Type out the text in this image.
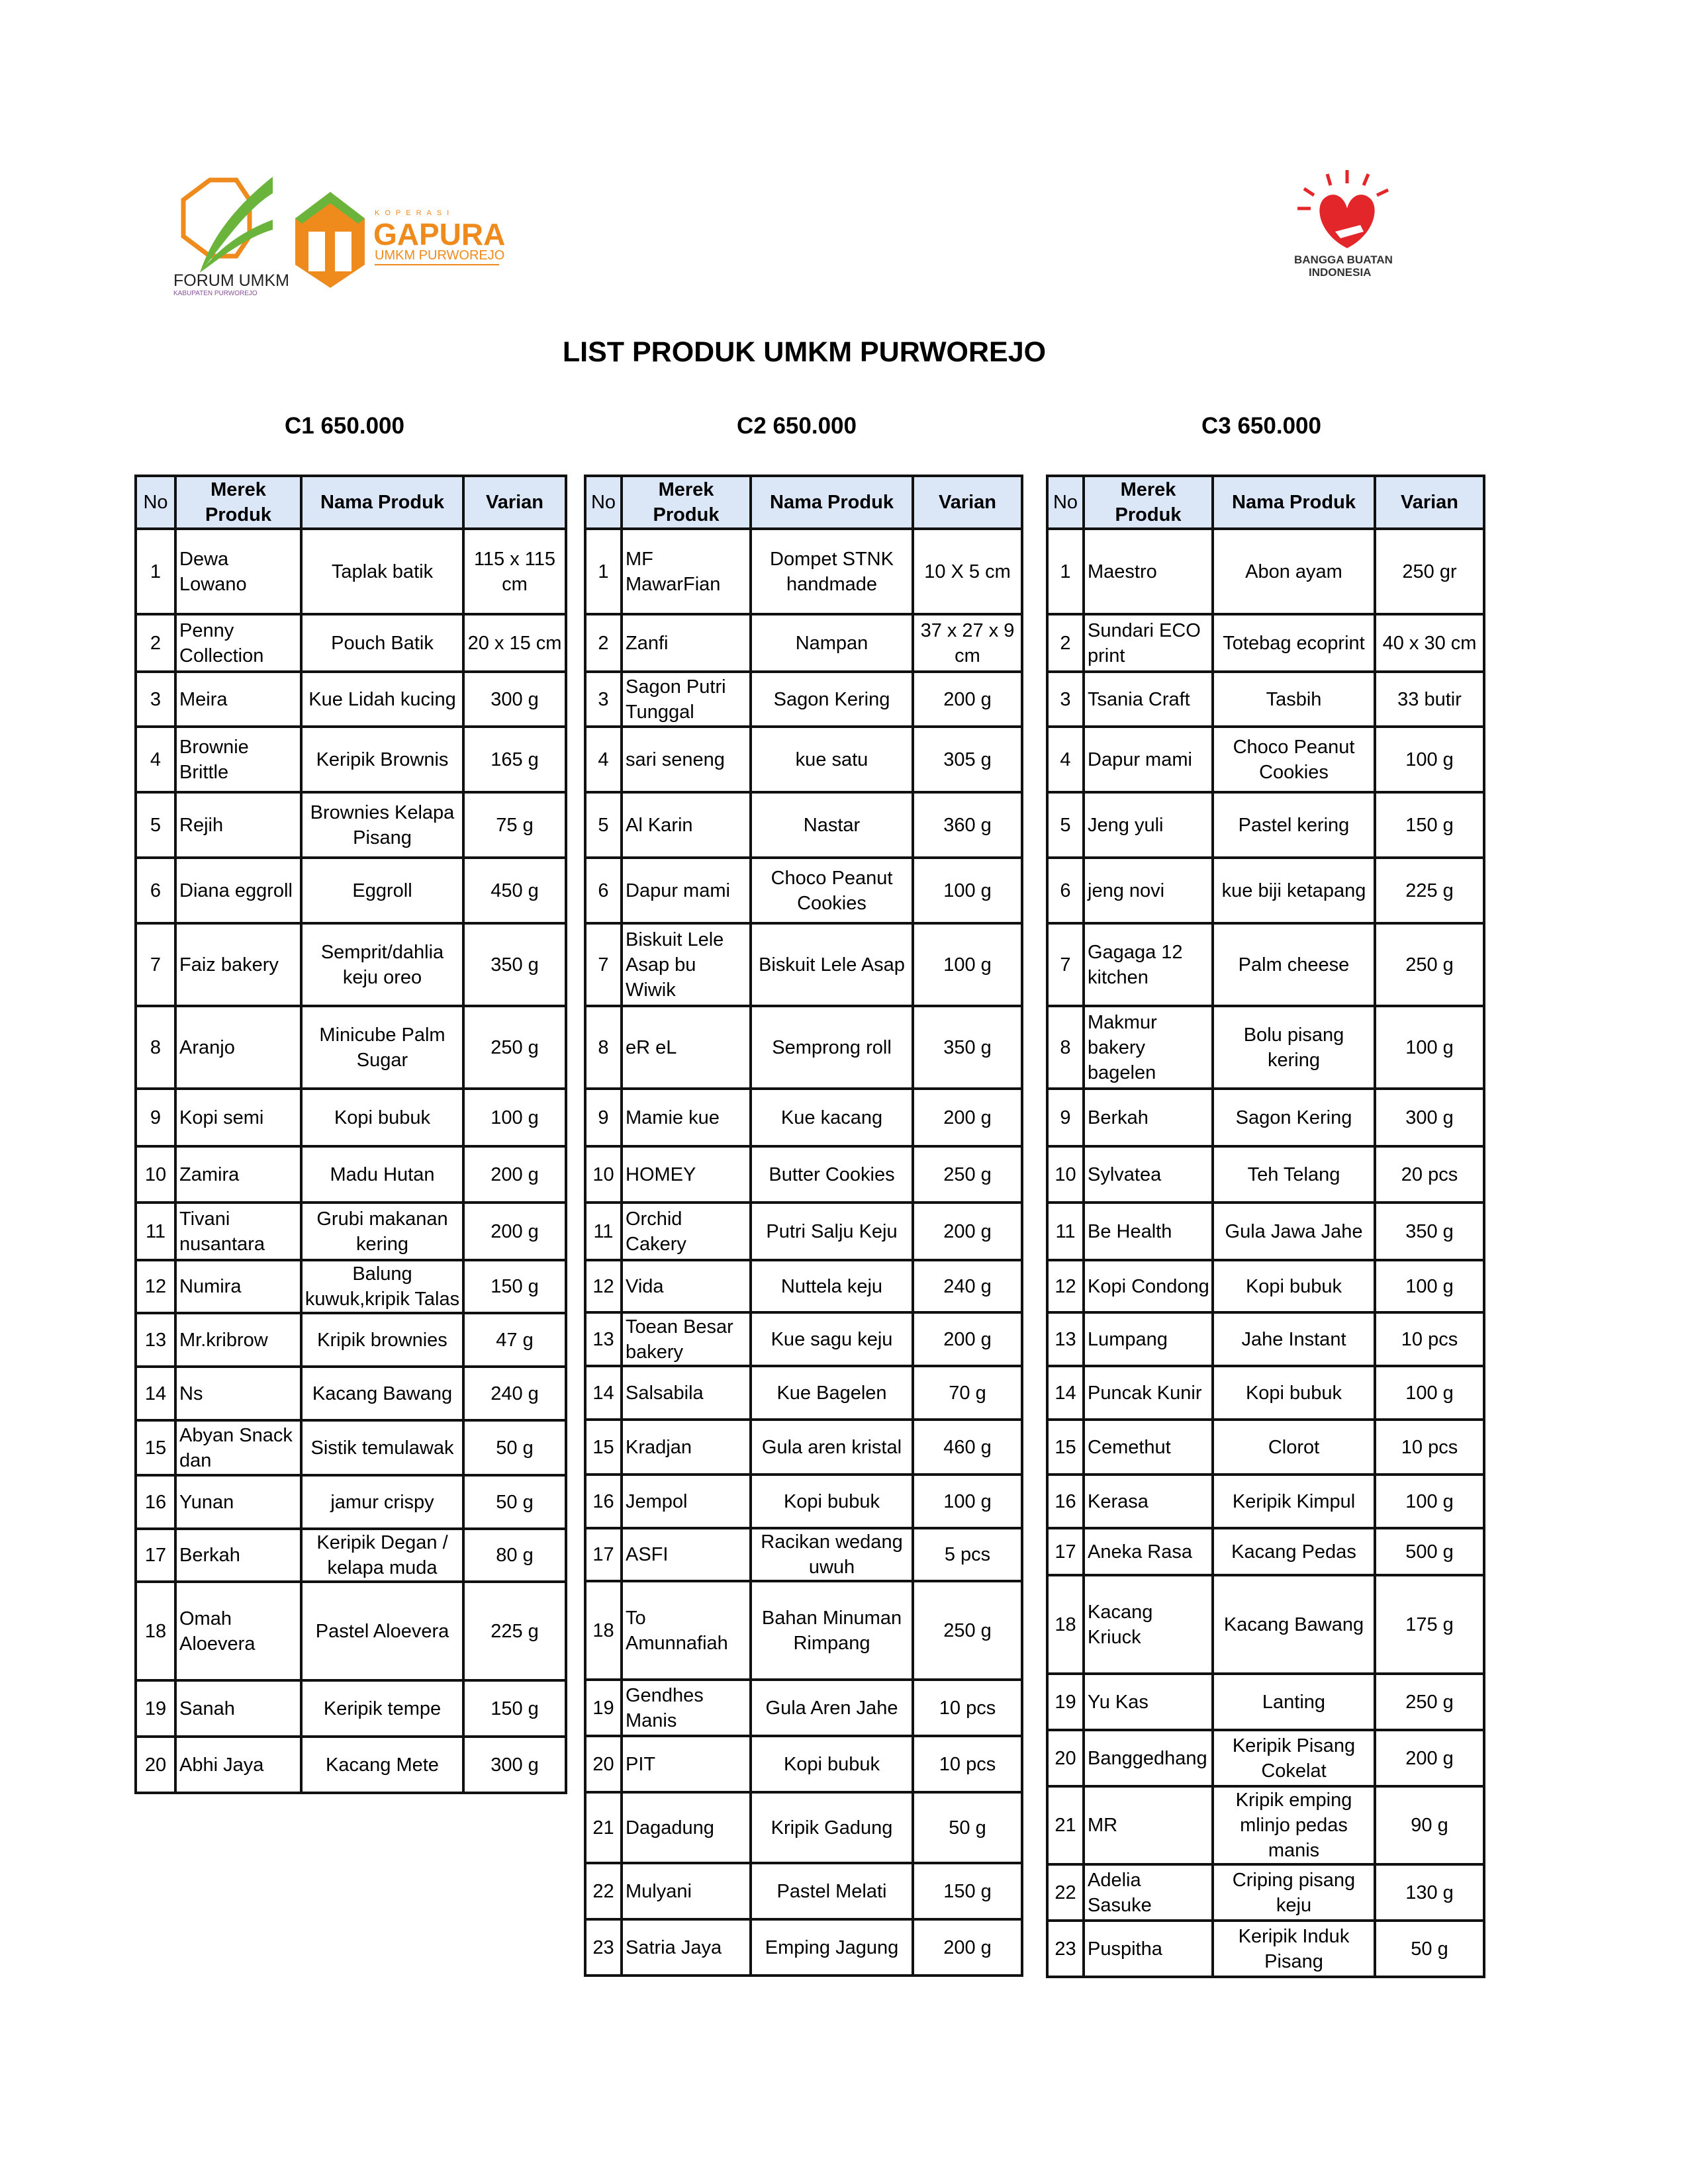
FORUM UMKM
KABUPATEN PURWOREJO
KOPERASI
GAPURA
UMKM PURWOREJO	BANGGA BUATAN
INDONESIA
LIST PRODUK UMKM PURWOREJO
C1 650.000	C2 650.000	C3 650.000
No	Merek Produk	Nama Produk	Varian
1	Dewa Lowano	Taplak batik	115 x 115 cm
2	Penny Collection	Pouch Batik	20 x 15 cm
3	Meira	Kue Lidah kucing	300 g
4	Brownie Brittle	Keripik Brownis	165 g
5	Rejih	Brownies Kelapa Pisang	75 g
6	Diana eggroll	Eggroll	450 g
7	Faiz bakery	Semprit/dahlia keju oreo	350 g
8	Aranjo	Minicube Palm Sugar	250 g
9	Kopi semi	Kopi bubuk	100 g
10	Zamira	Madu Hutan	200 g
11	Tivani nusantara	Grubi makanan kering	200 g
12	Numira	Balung kuwuk,kripik Talas	150 g
13	Mr.kribrow	Kripik brownies	47 g
14	Ns	Kacang Bawang	240 g
15	Abyan Snack dan	Sistik temulawak	50 g
16	Yunan	jamur crispy	50 g
17	Berkah	Keripik Degan / kelapa muda	80 g
18	Omah Aloevera	Pastel Aloevera	225 g
19	Sanah	Keripik tempe	150 g
20	Abhi Jaya	Kacang Mete	300 g
No	Merek Produk	Nama Produk	Varian
1	MF MawarFian	Dompet STNK handmade	10 X 5 cm
2	Zanfi	Nampan	37 x 27 x 9 cm
3	Sagon Putri Tunggal	Sagon Kering	200 g
4	sari seneng	kue satu	305 g
5	Al Karin	Nastar	360 g
6	Dapur mami	Choco Peanut Cookies	100 g
7	Biskuit Lele Asap bu Wiwik	Biskuit Lele Asap	100 g
8	eR eL	Semprong roll	350 g
9	Mamie kue	Kue kacang	200 g
10	HOMEY	Butter Cookies	250 g
11	Orchid Cakery	Putri Salju Keju	200 g
12	Vida	Nuttela keju	240 g
13	Toean Besar bakery	Kue sagu keju	200 g
14	Salsabila	Kue Bagelen	70 g
15	Kradjan	Gula aren kristal	460 g
16	Jempol	Kopi bubuk	100 g
17	ASFI	Racikan wedang uwuh	5 pcs
18	To Amunnafiah	Bahan Minuman Rimpang	250 g
19	Gendhes Manis	Gula Aren Jahe	10 pcs
20	PIT	Kopi bubuk	10 pcs
21	Dagadung	Kripik Gadung	50 g
22	Mulyani	Pastel Melati	150 g
23	Satria Jaya	Emping Jagung	200 g
No	Merek Produk	Nama Produk	Varian
1	Maestro	Abon ayam	250 gr
2	Sundari ECO print	Totebag ecoprint	40 x 30 cm
3	Tsania Craft	Tasbih	33 butir
4	Dapur mami	Choco Peanut Cookies	100 g
5	Jeng yuli	Pastel kering	150 g
6	jeng novi	kue biji ketapang	225 g
7	Gagaga 12 kitchen	Palm cheese	250 g
8	Makmur bakery bagelen	Bolu pisang kering	100 g
9	Berkah	Sagon Kering	300 g
10	Sylvatea	Teh Telang	20 pcs
11	Be Health	Gula Jawa Jahe	350 g
12	Kopi Condong	Kopi bubuk	100 g
13	Lumpang	Jahe Instant	10 pcs
14	Puncak Kunir	Kopi bubuk	100 g
15	Cemethut	Clorot	10 pcs
16	Kerasa	Keripik Kimpul	100 g
17	Aneka Rasa	Kacang Pedas	500 g
18	Kacang Kriuck	Kacang Bawang	175 g
19	Yu Kas	Lanting	250 g
20	Banggedhang	Keripik Pisang Cokelat	200 g
21	MR	Kripik emping mlinjo pedas manis	90 g
22	Adelia Sasuke	Criping pisang keju	130 g
23	Puspitha	Keripik Induk Pisang	50 g
